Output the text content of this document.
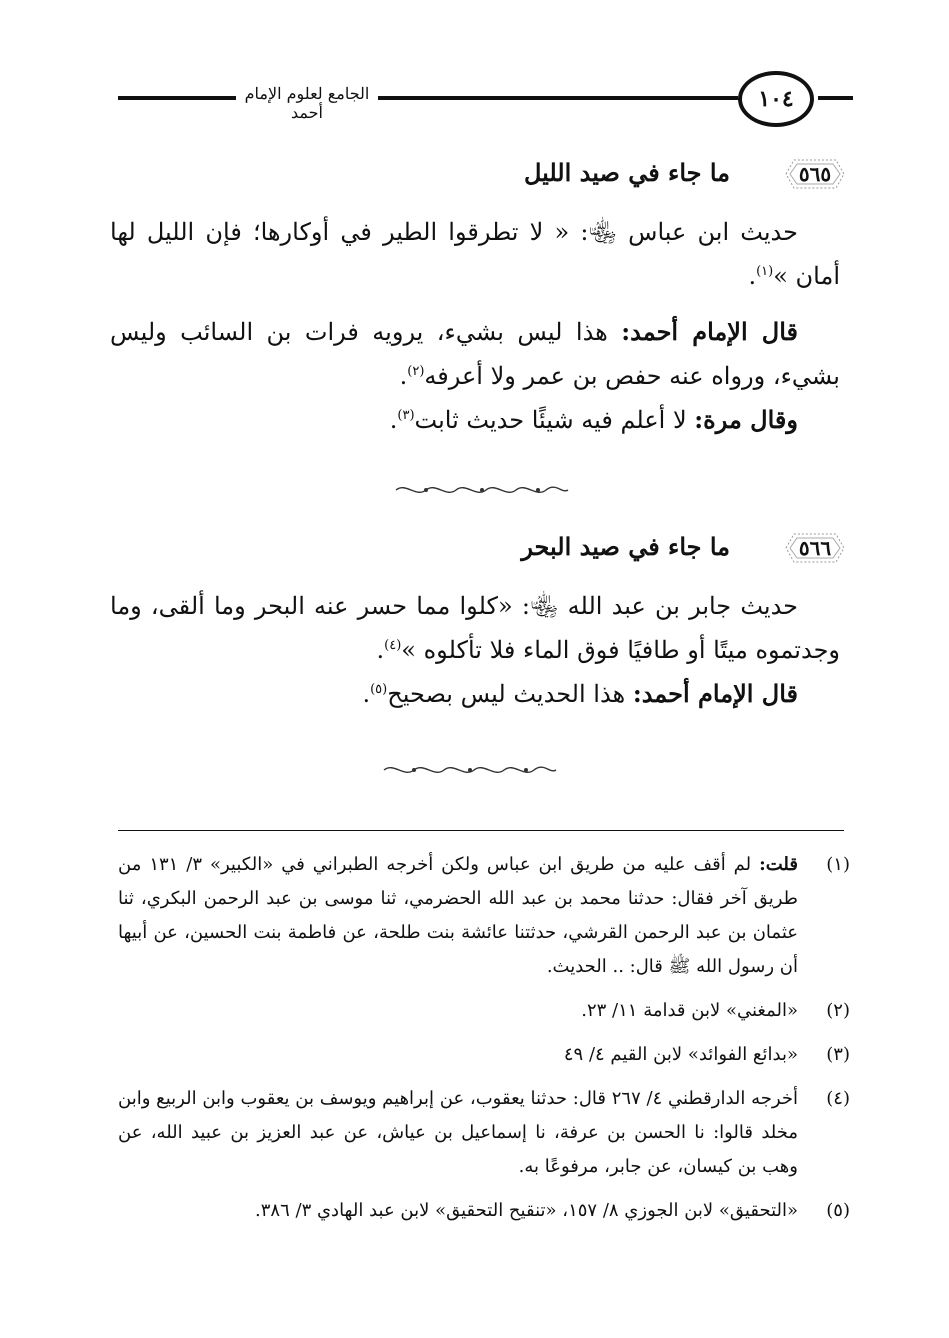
الجامع لعلوم الإمام أحمد
١٠٤
٥٦٥
ما جاء في صيد الليل

حديث ابن عباس ﵄: « لا تطرقوا الطير في أوكارها؛ فإن الليل لها أمان »$^{(١)}$.

قال الإمام أحمد: هذا ليس بشيء، يرويه فرات بن السائب وليس بشيء، ورواه عنه حفص بن عمر ولا أعرفه$^{(٢)}$.

وقال مرة: لا أعلم فيه شيئًا حديث ثابت$^{(٣)}$.

٥٦٦
ما جاء في صيد البحر

حديث جابر بن عبد الله ﵄: «كلوا مما حسر عنه البحر وما ألقى، وما وجدتموه ميتًا أو طافيًا فوق الماء فلا تأكلوه »$^{(٤)}$.

قال الإمام أحمد: هذا الحديث ليس بصحيح$^{(٥)}$.

(١)
قلت: لم أقف عليه من طريق ابن عباس ولكن أخرجه الطبراني في «الكبير» ٣/ ١٣١ من طريق آخر فقال: حدثنا محمد بن عبد الله الحضرمي، ثنا موسى بن عبد الرحمن البكري، ثنا عثمان بن عبد الرحمن القرشي، حدثتنا عائشة بنت طلحة، عن فاطمة بنت الحسين، عن أبيها أن رسول الله ﷺ قال: .. الحديث.
(٢)
«المغني» لابن قدامة ١١/ ٢٣.
(٣)
«بدائع الفوائد» لابن القيم ٤/ ٤٩
(٤)
أخرجه الدارقطني ٤/ ٢٦٧ قال: حدثنا يعقوب، عن إبراهيم ويوسف بن يعقوب وابن الربيع وابن مخلد قالوا: نا الحسن بن عرفة، نا إسماعيل بن عياش، عن عبد العزيز بن عبيد الله، عن وهب بن كيسان، عن جابر، مرفوعًا به.
(٥)
«التحقيق» لابن الجوزي ٨/ ١٥٧، «تنقيح التحقيق» لابن عبد الهادي ٣/ ٣٨٦.
